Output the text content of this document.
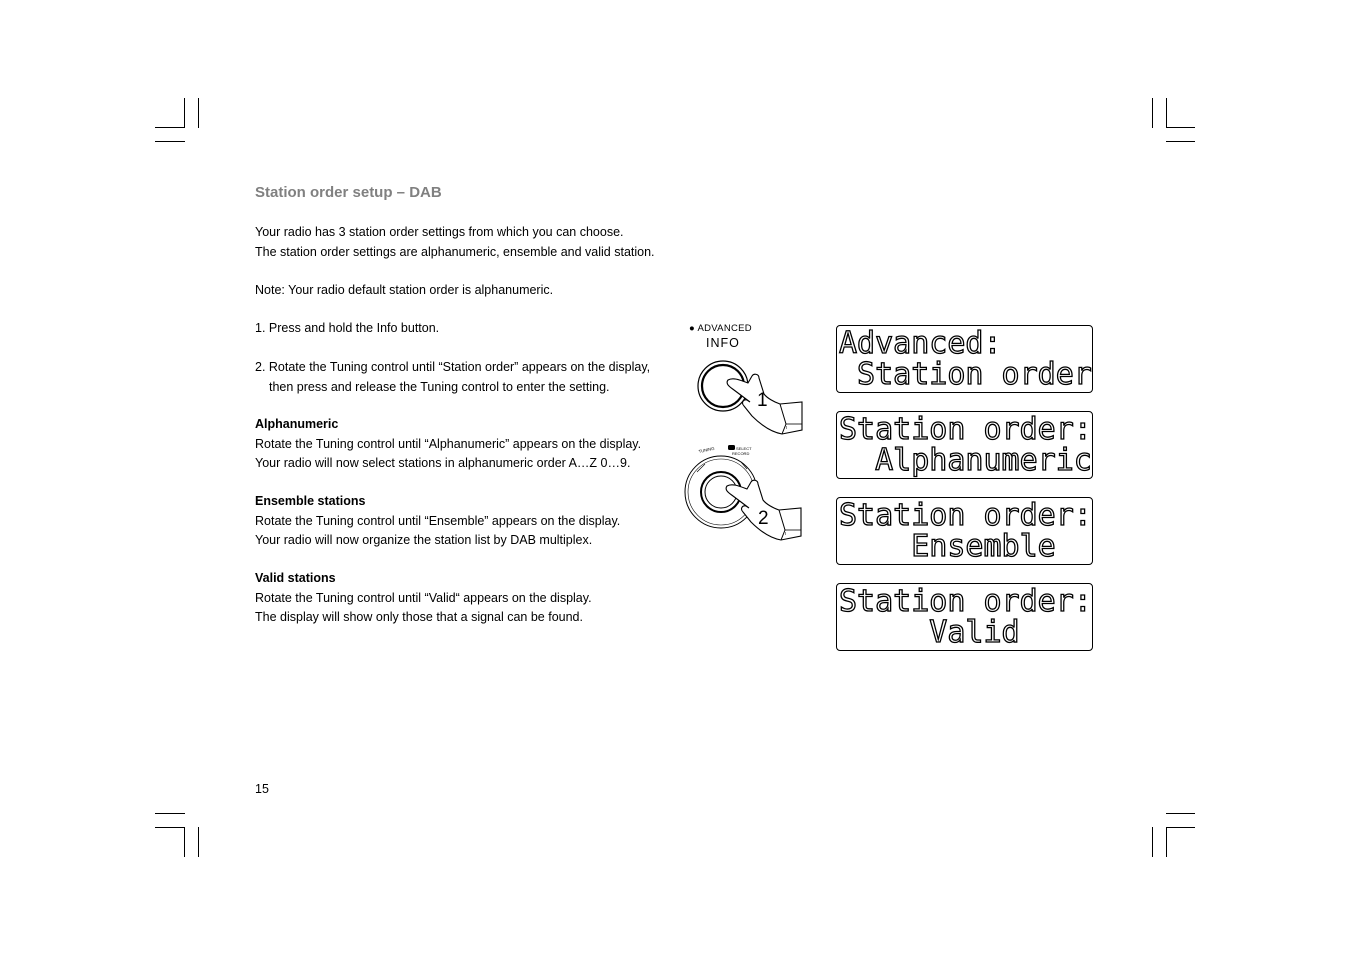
Station order setup – DAB
Your radio has 3 station order settings from which you can choose.
The station order settings are alphanumeric, ensemble and valid station.
Note: Your radio default station order is alphanumeric.
1. Press and hold the Info button.
2. Rotate the Tuning control until “Station order” appears on the display,
then press and release the Tuning control to enter the setting.
Alphanumeric
Rotate the Tuning control until “Alphanumeric” appears on the display.
Your radio will now select stations in alphanumeric order A…Z 0…9.
Ensemble stations
Rotate the Tuning control until “Ensemble” appears on the display.
Your radio will now organize the station list by DAB multiplex.
Valid stations
Rotate the Tuning control until “Valid“ appears on the display.
The display will show only those that a signal can be found.
15
● ADVANCED
INFO
ι
1
TUNING	SELECT
RECORD
ι
2
Advanced:
Station order
Station order:
Alphanumeric
Station order:
Ensemble
Station order:
Valid
